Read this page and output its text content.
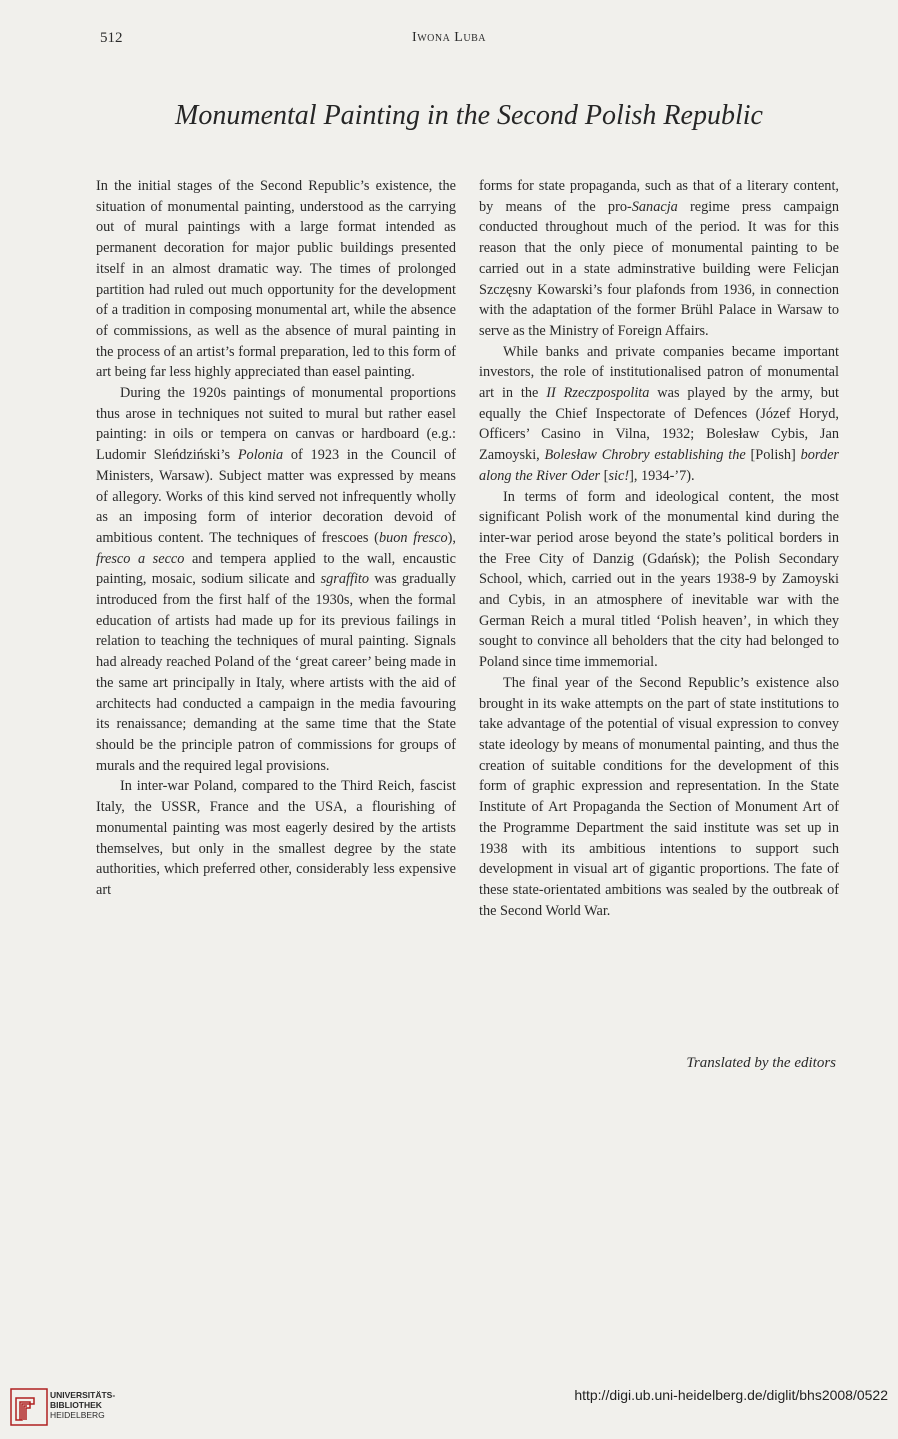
512	Iwona Luba
Monumental Painting in the Second Polish Republic

In the initial stages of the Second Republic’s existence, the situation of monumental painting, understood as the carrying out of mural paintings with a large format intended as permanent decoration for major public buildings presented itself in an almost dramatic way. The times of prolonged partition had ruled out much opportunity for the development of a tradition in composing monumental art, while the absence of commissions, as well as the absence of mural painting in the process of an artist’s formal preparation, led to this form of art being far less highly appreciated than easel painting.

During the 1920s paintings of monumental proportions thus arose in techniques not suited to mural but rather easel painting: in oils or tempera on canvas or hardboard (e.g.: Ludomir Sleńdziński’s Polonia of 1923 in the Council of Ministers, Warsaw). Subject matter was expressed by means of allegory. Works of this kind served not infrequently wholly as an imposing form of interior decoration devoid of ambitious content. The techniques of frescoes (buon fresco), fresco a secco and tempera applied to the wall, encaustic painting, mosaic, sodium silicate and sgraffito was gradually introduced from the first half of the 1930s, when the formal education of artists had made up for its previous failings in relation to teaching the techniques of mural painting. Signals had already reached Poland of the ‘great career’ being made in the same art principally in Italy, where artists with the aid of architects had conducted a campaign in the media favouring its renaissance; demanding at the same time that the State should be the principle patron of commissions for groups of murals and the required legal provisions.

In inter-war Poland, compared to the Third Reich, fascist Italy, the USSR, France and the USA, a flourishing of monumental painting was most eagerly desired by the artists themselves, but only in the smallest degree by the state authorities, which preferred other, considerably less expensive art

forms for state propaganda, such as that of a literary content, by means of the pro-Sanacja regime press campaign conducted throughout much of the period. It was for this reason that the only piece of monumental painting to be carried out in a state adminstrative building were Felicjan Szczęsny Kowarski’s four plafonds from 1936, in connection with the adaptation of the former Brühl Palace in Warsaw to serve as the Ministry of Foreign Affairs.

While banks and private companies became important investors, the role of institutionalised patron of monumental art in the II Rzeczpospolita was played by the army, but equally the Chief Inspectorate of Defences (Józef Horyd, Officers’ Casino in Vilna, 1932; Bolesław Cybis, Jan Zamoyski, Bolesław Chrobry establishing the [Polish] border along the River Oder [sic!], 1934-’7).

In terms of form and ideological content, the most significant Polish work of the monumental kind during the inter-war period arose beyond the state’s political borders in the Free City of Danzig (Gdańsk); the Polish Secondary School, which, carried out in the years 1938-9 by Zamoyski and Cybis, in an atmosphere of inevitable war with the German Reich a mural titled ‘Polish heaven’, in which they sought to convince all beholders that the city had belonged to Poland since time immemorial.

The final year of the Second Republic’s existence also brought in its wake attempts on the part of state institutions to take advantage of the potential of visual expression to convey state ideology by means of monumental painting, and thus the creation of suitable conditions for the development of this form of graphic expression and representation. In the State Institute of Art Propaganda the Section of Monument Art of the Programme Department the said institute was set up in 1938 with its ambitious intentions to support such development in visual art of gigantic proportions. The fate of these state-orientated ambitions was sealed by the outbreak of the Second World War.

Translated by the editors
UNIVERSITÄTS-
BIBLIOTHEK
HEIDELBERG
http://digi.ub.uni-heidelberg.de/diglit/bhs2008/0522
